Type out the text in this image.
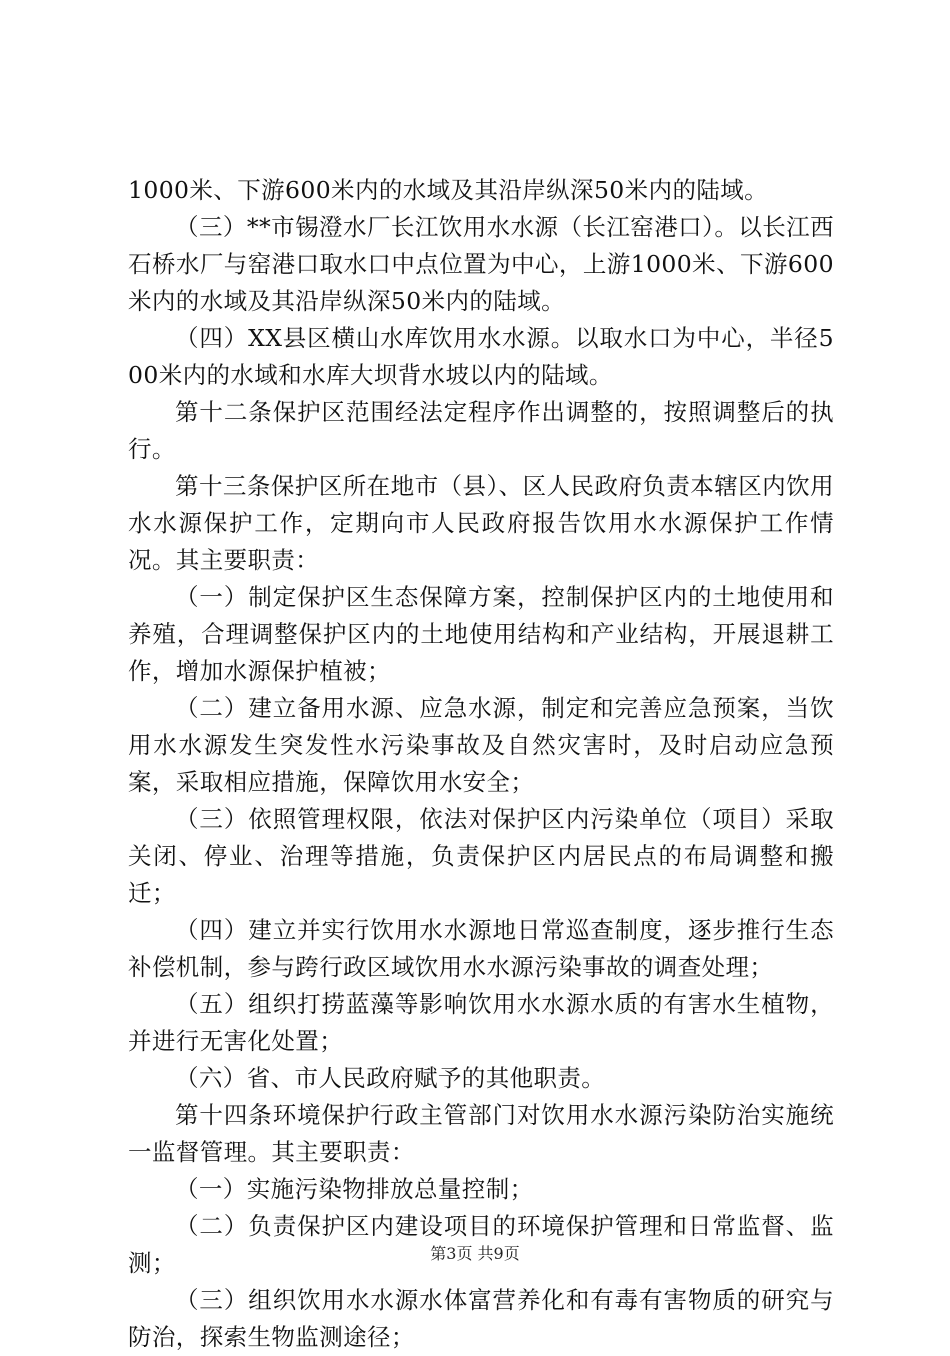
1000米、下游600米内的水域及其沿岸纵深50米内的陆域。

（三）**市锡澄水厂长江饮用水水源（长江窑港口）。以长江西石桥水厂与窑港口取水口中点位置为中心，上游1000米、下游600米内的水域及其沿岸纵深50米内的陆域。

（四）XX县区横山水库饮用水水源。以取水口为中心，半径500米内的水域和水库大坝背水坡以内的陆域。

第十二条保护区范围经法定程序作出调整的，按照调整后的执行。

第十三条保护区所在地市（县）、区人民政府负责本辖区内饮用水水源保护工作，定期向市人民政府报告饮用水水源保护工作情况。其主要职责：

（一）制定保护区生态保障方案，控制保护区内的土地使用和养殖，合理调整保护区内的土地使用结构和产业结构，开展退耕工作，增加水源保护植被；

（二）建立备用水源、应急水源，制定和完善应急预案，当饮用水水源发生突发性水污染事故及自然灾害时，及时启动应急预案，采取相应措施，保障饮用水安全；

（三）依照管理权限，依法对保护区内污染单位（项目）采取关闭、停业、治理等措施，负责保护区内居民点的布局调整和搬迁；

（四）建立并实行饮用水水源地日常巡查制度，逐步推行生态补偿机制，参与跨行政区域饮用水水源污染事故的调查处理；

（五）组织打捞蓝藻等影响饮用水水源水质的有害水生植物，并进行无害化处置；

（六）省、市人民政府赋予的其他职责。

第十四条环境保护行政主管部门对饮用水水源污染防治实施统一监督管理。其主要职责：

（一）实施污染物排放总量控制；

（二）负责保护区内建设项目的环境保护管理和日常监督、监测；

（三）组织饮用水水源水体富营养化和有毒有害物质的研究与防治，探索生物监测途径；

第3页 共9页
